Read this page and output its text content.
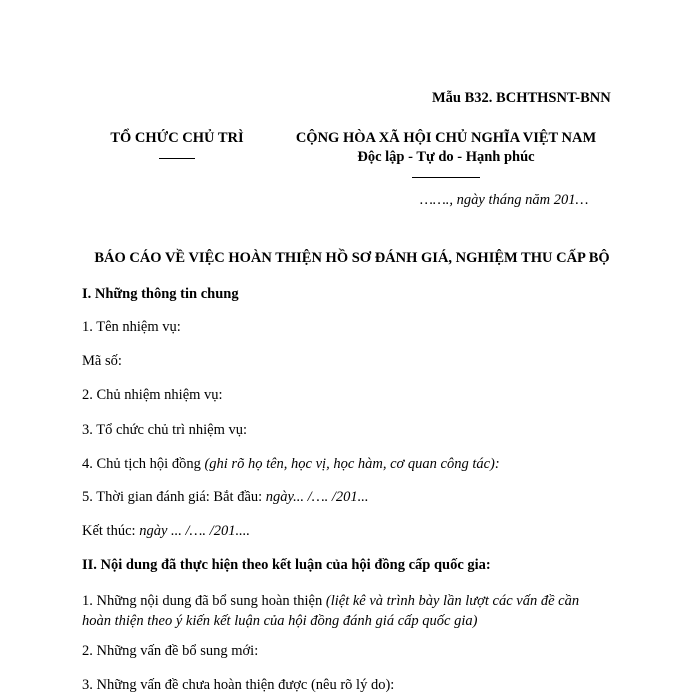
Mẫu B32. BCHTHSNT-BNN
TỔ CHỨC CHỦ TRÌ	CỘNG HÒA XÃ HỘI CHỦ NGHĨA VIỆT NAM
Độc lập - Tự do - Hạnh phúc
……., ngày tháng năm 201…
BÁO CÁO VỀ VIỆC HOÀN THIỆN HỒ SƠ ĐÁNH GIÁ, NGHIỆM THU CẤP BỘ
I. Những thông tin chung
1. Tên nhiệm vụ:
Mã số:
2. Chủ nhiệm nhiệm vụ:
3. Tổ chức chủ trì nhiệm vụ:
4. Chủ tịch hội đồng (ghi rõ họ tên, học vị, học hàm, cơ quan công tác):
5. Thời gian đánh giá: Bắt đầu: ngày... /…. /201...
Kết thúc: ngày ... /…. /201....
II. Nội dung đã thực hiện theo kết luận của hội đồng cấp quốc gia:
1. Những nội dung đã bổ sung hoàn thiện (liệt kê và trình bày lần lượt các vấn đề cần
hoàn thiện theo ý kiến kết luận của hội đồng đánh giá cấp quốc gia)
2. Những vấn đề bổ sung mới:
3. Những vấn đề chưa hoàn thiện được (nêu rõ lý do):
